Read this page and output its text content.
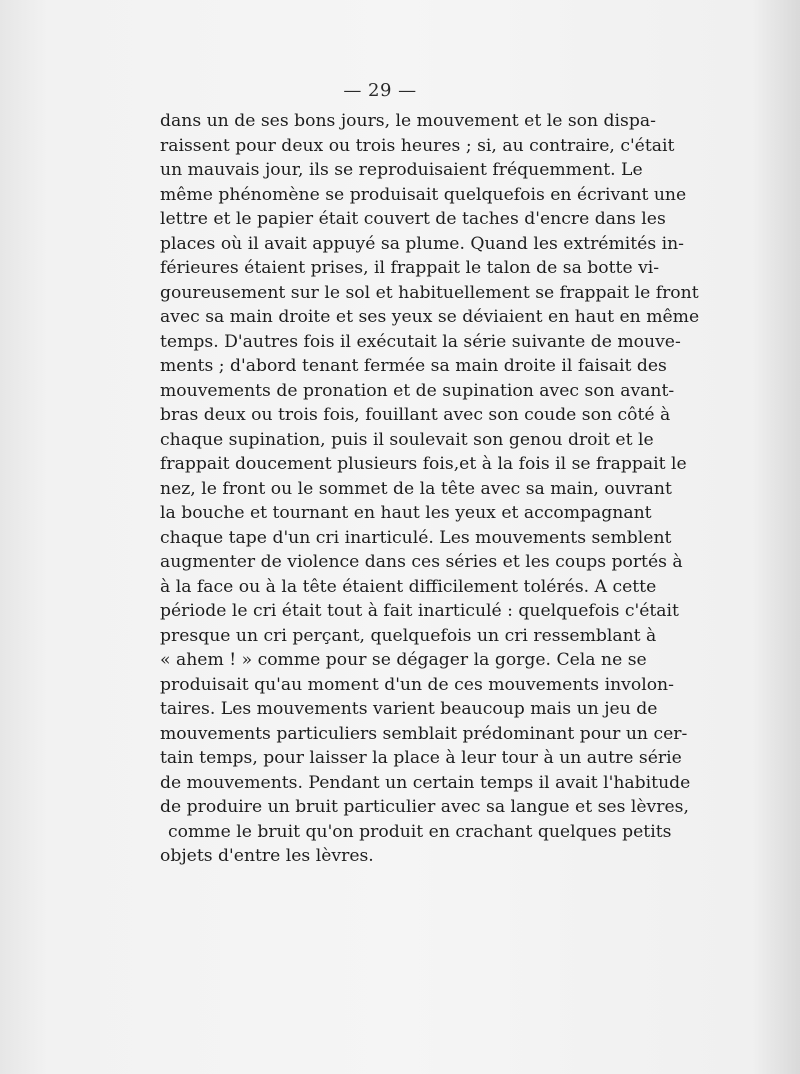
— 29 —
dans un de ses bons jours, le mouvement et le son dispa-
raissent pour deux ou trois heures ; si, au contraire, c'était
un mauvais jour, ils se reproduisaient fréquemment. Le
même phénomène se produisait quelquefois en écrivant une
lettre et le papier était couvert de taches d'encre dans les
places où il avait appuyé sa plume. Quand les extrémités in-
férieures étaient prises, il frappait le talon de sa botte vi-
goureusement sur le sol et habituellement se frappait le front
avec sa main droite et ses yeux se déviaient en haut en même
temps. D'autres fois il exécutait la série suivante de mouve-
ments ; d'abord tenant fermée sa main droite il faisait des
mouvements de pronation et de supination avec son avant-
bras deux ou trois fois, fouillant avec son coude son côté à
chaque supination, puis il soulevait son genou droit et le
frappait doucement plusieurs fois,et à la fois il se frappait le
nez, le front ou le sommet de la tête avec sa main, ouvrant
la bouche et tournant en haut les yeux et accompagnant
chaque tape d'un cri inarticulé. Les mouvements semblent
augmenter de violence dans ces séries et les coups portés à
à la face ou à la tête étaient difficilement tolérés. A cette
période le cri était tout à fait inarticulé : quelquefois c'était
presque un cri perçant, quelquefois un cri ressemblant à
« ahem ! » comme pour se dégager la gorge. Cela ne se
produisait qu'au moment d'un de ces mouvements involon-
taires. Les mouvements varient beaucoup mais un jeu de
mouvements particuliers semblait prédominant pour un cer-
tain temps, pour laisser la place à leur tour à un autre série
de mouvements. Pendant un certain temps il avait l'habitude
de produire un bruit particulier avec sa langue et ses lèvres,
comme le bruit qu'on produit en crachant quelques petits
objets d'entre les lèvres.
